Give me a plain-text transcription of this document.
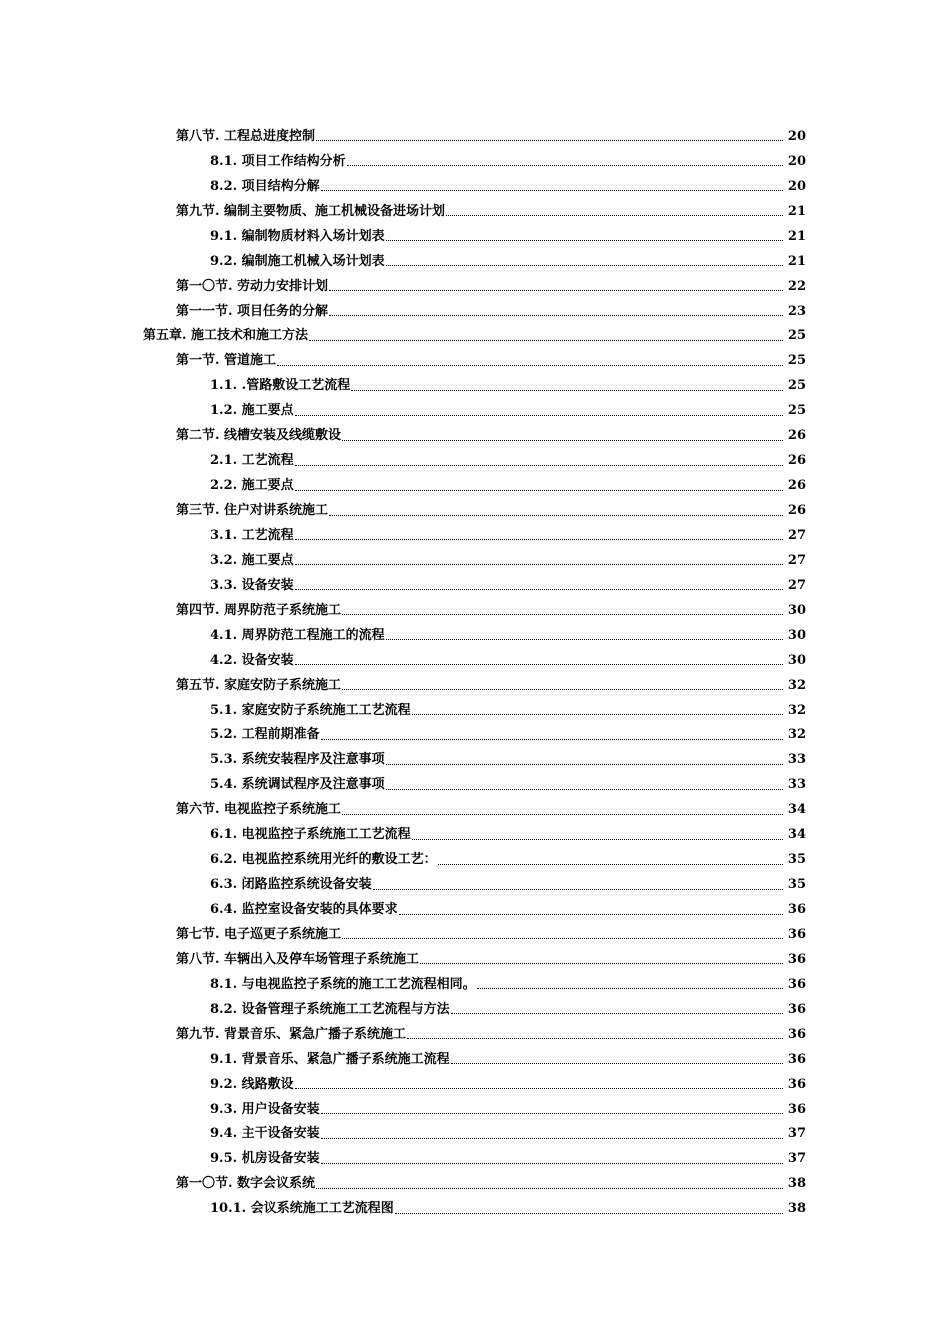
第八节. 工程总进度控制	20
8.1. 项目工作结构分析	20
8.2. 项目结构分解	20
第九节. 编制主要物质、施工机械设备进场计划	21
9.1. 编制物质材料入场计划表	21
9.2. 编制施工机械入场计划表	21
第一〇节. 劳动力安排计划	22
第一一节. 项目任务的分解	23
第五章. 施工技术和施工方法	25
第一节. 管道施工	25
1.1. .管路敷设工艺流程	25
1.2. 施工要点	25
第二节. 线槽安装及线缆敷设	26
2.1. 工艺流程	26
2.2. 施工要点	26
第三节. 住户对讲系统施工	26
3.1. 工艺流程	27
3.2. 施工要点	27
3.3. 设备安装	27
第四节. 周界防范子系统施工	30
4.1. 周界防范工程施工的流程	30
4.2. 设备安装	30
第五节. 家庭安防子系统施工	32
5.1. 家庭安防子系统施工工艺流程	32
5.2. 工程前期准备	32
5.3. 系统安装程序及注意事项	33
5.4. 系统调试程序及注意事项	33
第六节. 电视监控子系统施工	34
6.1. 电视监控子系统施工工艺流程	34
6.2. 电视监控系统用光纤的敷设工艺：	35
6.3. 闭路监控系统设备安装	35
6.4. 监控室设备安装的具体要求	36
第七节. 电子巡更子系统施工	36
第八节. 车辆出入及停车场管理子系统施工	36
8.1. 与电视监控子系统的施工工艺流程相同。	36
8.2. 设备管理子系统施工工艺流程与方法	36
第九节. 背景音乐、紧急广播子系统施工	36
9.1. 背景音乐、紧急广播子系统施工流程	36
9.2. 线路敷设	36
9.3. 用户设备安装	36
9.4. 主干设备安装	37
9.5. 机房设备安装	37
第一〇节. 数字会议系统	38
10.1. 会议系统施工工艺流程图	38
